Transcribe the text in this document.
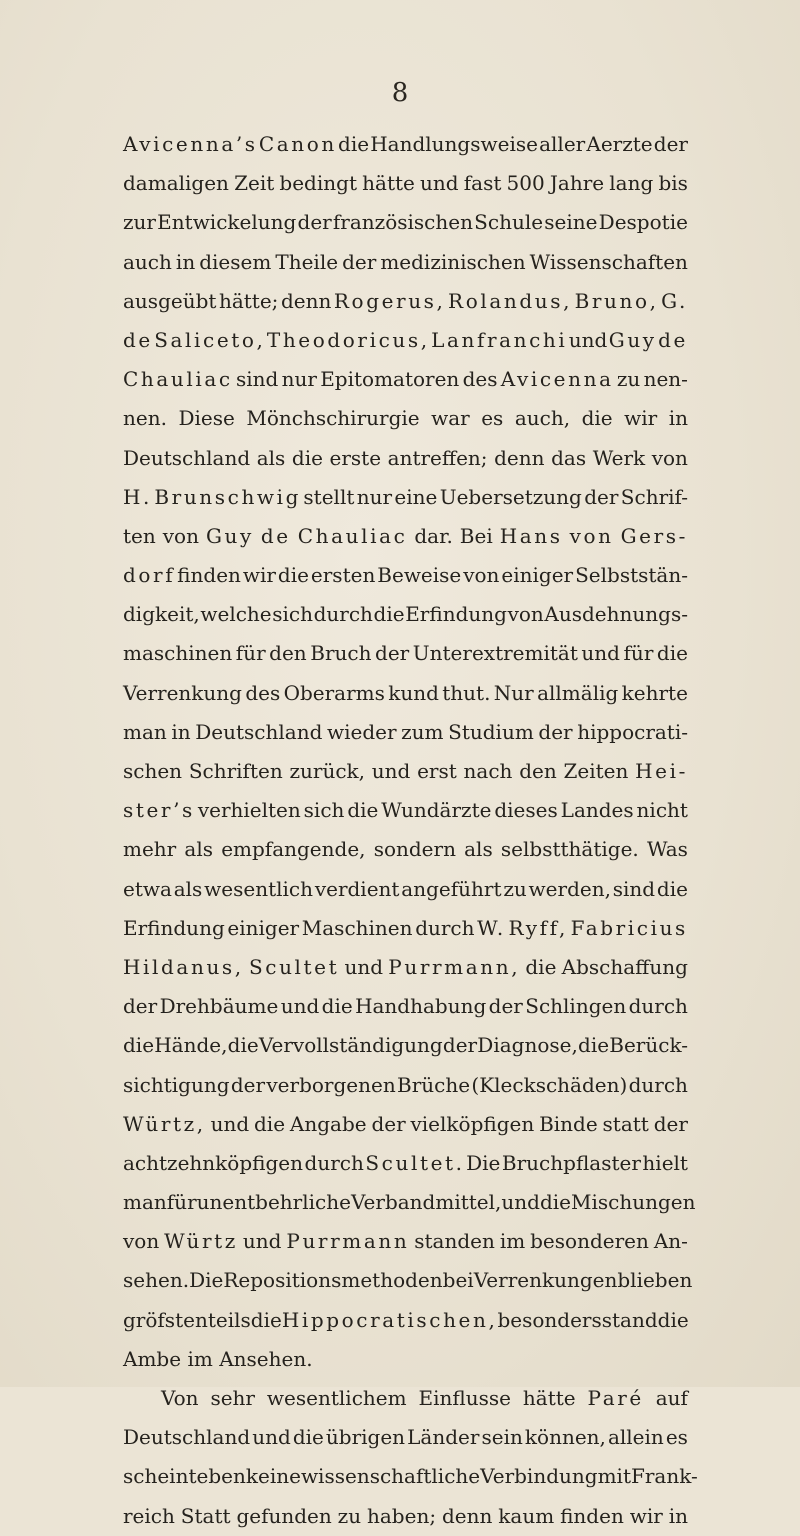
8
Avicenna’s Canon die Handlungsweise aller Aerzte der
damaligen Zeit bedingt hätte und fast 500 Jahre lang bis
zur Entwickelung der französischen Schule seine Despotie
auch in diesem Theile der medizinischen Wissenschaften
ausgeübt hätte; denn Rogerus, Rolandus, Bruno, G.
de Saliceto, Theodoricus, Lanfranchi und Guy de
Chauliac sind nur Epitomatoren des Avicenna zu nen-
nen. Diese Mönchschirurgie war es auch, die wir in
Deutschland als die erste antreffen; denn das Werk von
H. Brunschwig stellt nur eine Uebersetzung der Schrif-
ten von Guy de Chauliac dar. Bei Hans von Gers-
dorf finden wir die ersten Beweise von einiger Selbststän-
digkeit, welche sich durch die Erfindung von Ausdehnungs-
maschinen für den Bruch der Unterextremität und für die
Verrenkung des Oberarms kund thut. Nur allmälig kehrte
man in Deutschland wieder zum Studium der hippocrati-
schen Schriften zurück, und erst nach den Zeiten Hei-
ster’s verhielten sich die Wundärzte dieses Landes nicht
mehr als empfangende, sondern als selbstthätige. Was
etwa als wesentlich verdient angeführt zu werden, sind die
Erfindung einiger Maschinen durch W. Ryff, Fabricius
Hildanus, Scultet und Purrmann, die Abschaffung
der Drehbäume und die Handhabung der Schlingen durch
die Hände, die Vervollständigung der Diagnose, die Berück-
sichtigung der verborgenen Brüche (Kleckschäden) durch
Würtz, und die Angabe der vielköpfigen Binde statt der
achtzehnköpfigen durch Scultet. Die Bruchpflaster hielt
man für unentbehrliche Verbandmittel, und die Mischungen
von Würtz und Purrmann standen im besonderen An-
sehen. Die Repositionsmethoden bei Verrenkungen blieben
gröfstenteils die Hippocratischen, besonders stand die
Ambe im Ansehen.
Von sehr wesentlichem Einflusse hätte Paré auf
Deutschland und die übrigen Länder sein können, allein es
scheint eben keine wissenschaftliche Verbindung mit Frank-
reich Statt gefunden zu haben; denn kaum finden wir in
